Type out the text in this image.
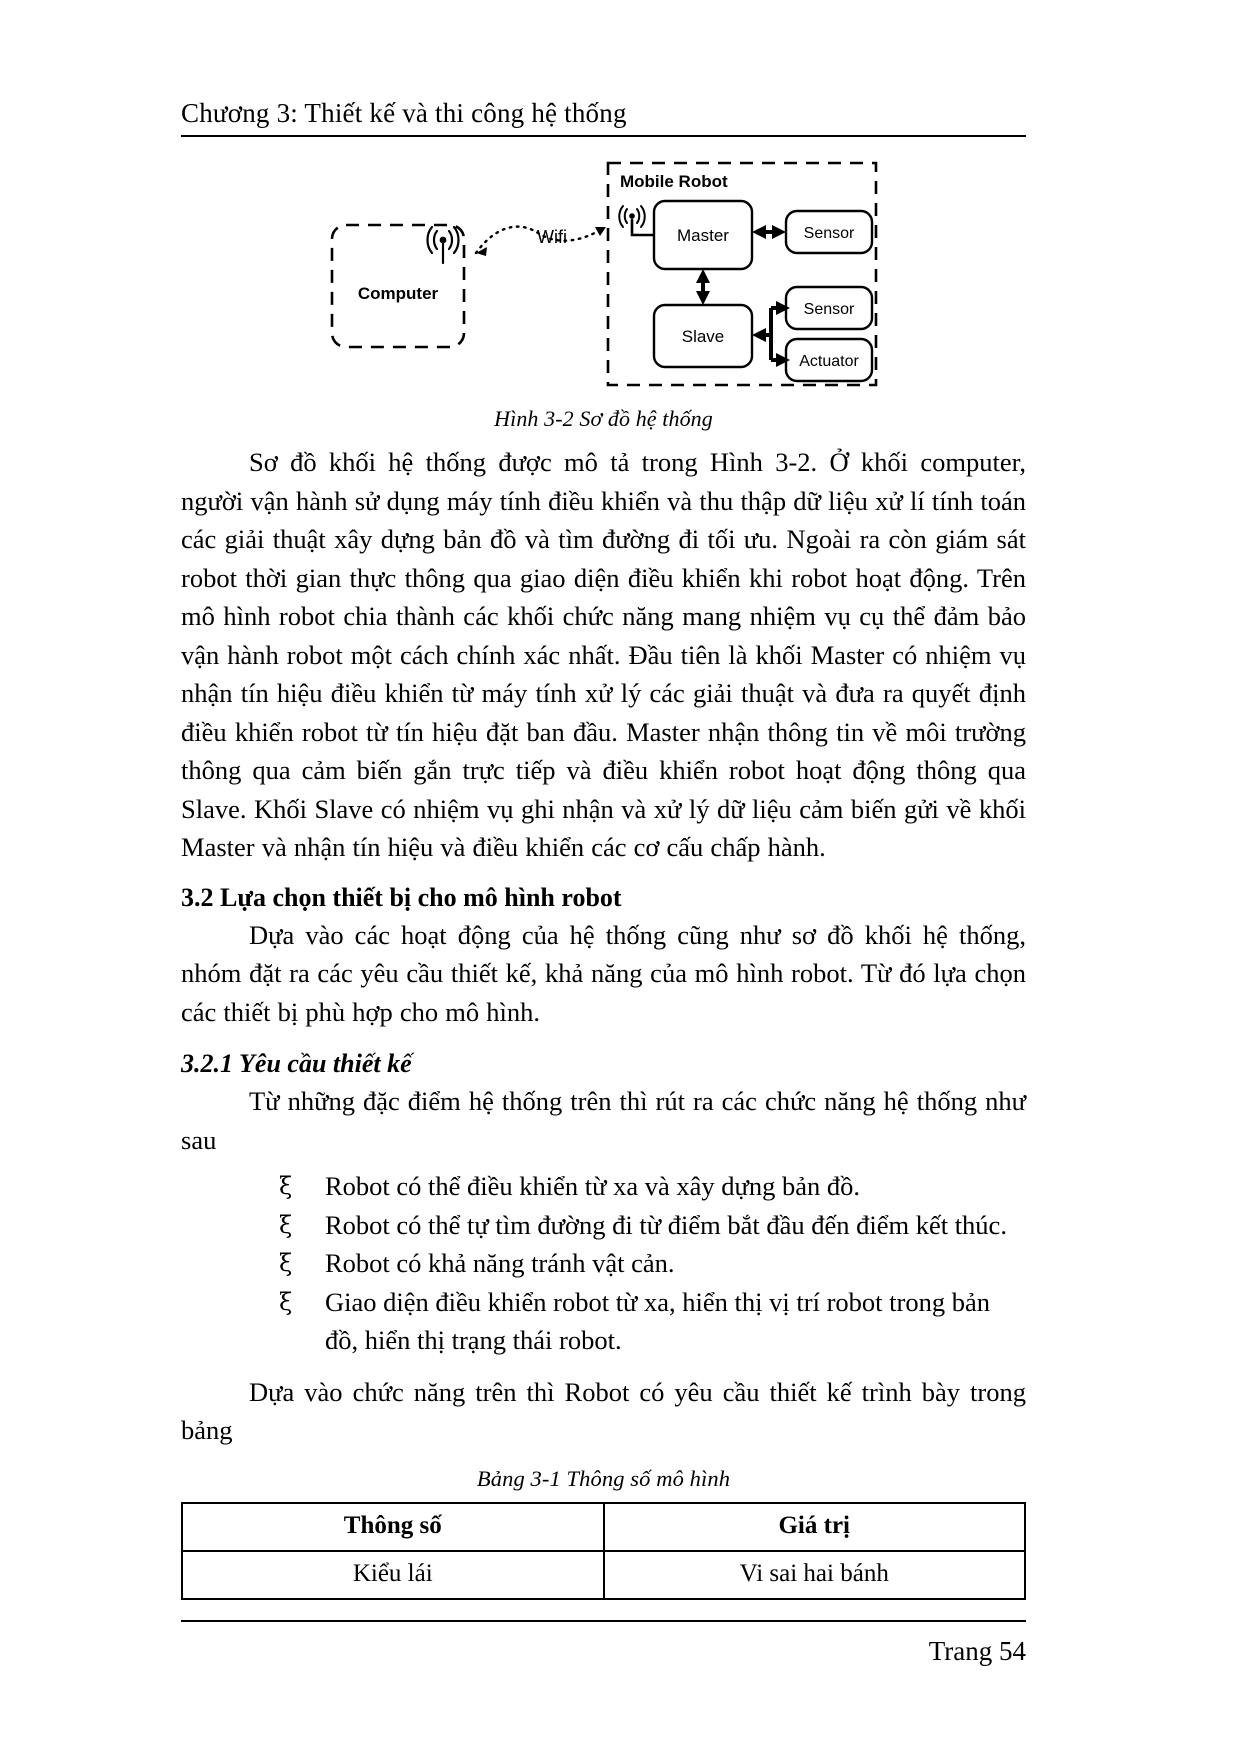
Chương 3: Thiết kế và thi công hệ thống
Computer
Wifi
Mobile Robot
Master
Slave
Sensor
Sensor
Actuator
Hình 3-2 Sơ đồ hệ thống

Sơ đồ khối hệ thống được mô tả trong Hình 3-2. Ở khối computer, người vận hành sử dụng máy tính điều khiển và thu thập dữ liệu xử lí tính toán các giải thuật xây dựng bản đồ và tìm đường đi tối ưu. Ngoài ra còn giám sát robot thời gian thực thông qua giao diện điều khiển khi robot hoạt động. Trên mô hình robot chia thành các khối chức năng mang nhiệm vụ cụ thể đảm bảo vận hành robot một cách chính xác nhất. Đầu tiên là khối Master có nhiệm vụ nhận tín hiệu điều khiển từ máy tính xử lý các giải thuật và đưa ra quyết định điều khiển robot từ tín hiệu đặt ban đầu. Master nhận thông tin về môi trường thông qua cảm biến gắn trực tiếp và điều khiển robot hoạt động thông qua Slave. Khối Slave có nhiệm vụ ghi nhận và xử lý dữ liệu cảm biến gửi về khối Master và nhận tín hiệu và điều khiển các cơ cấu chấp hành.

3.2 Lựa chọn thiết bị cho mô hình robot

Dựa vào các hoạt động của hệ thống cũng như sơ đồ khối hệ thống, nhóm đặt ra các yêu cầu thiết kế, khả năng của mô hình robot. Từ đó lựa chọn các thiết bị phù hợp cho mô hình.

3.2.1 Yêu cầu thiết kế

Từ những đặc điểm hệ thống trên thì rút ra các chức năng hệ thống như sau

ξ	Robot có thể điều khiển từ xa và xây dựng bản đồ.
ξ	Robot có thể tự tìm đường đi từ điểm bắt đầu đến điểm kết thúc.
ξ	Robot có khả năng tránh vật cản.
ξ	Giao diện điều khiển robot từ xa, hiển thị vị trí robot trong bản đồ, hiển thị trạng thái robot.

Dựa vào chức năng trên thì Robot có yêu cầu thiết kế trình bày trong bảng

Bảng 3-1 Thông số mô hình
Thông số	Giá trị
Kiểu lái	Vi sai hai bánh
Trang 54
